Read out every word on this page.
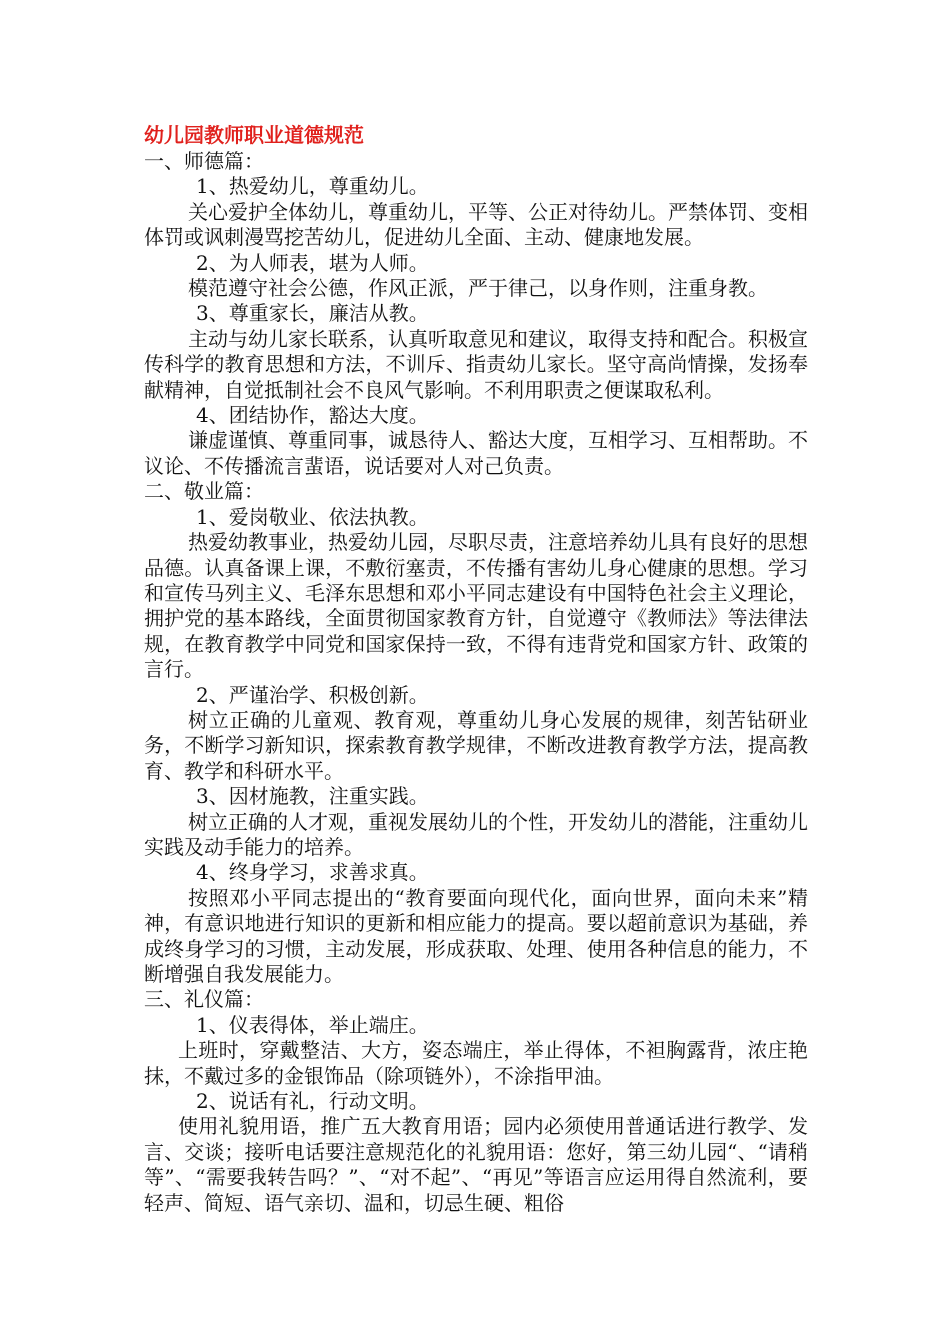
幼儿园教师职业道德规范

一、师德篇：

1、热爱幼儿，尊重幼儿。

关心爱护全体幼儿，尊重幼儿，平等、公正对待幼儿。严禁体罚、变相体罚或讽刺漫骂挖苦幼儿，促进幼儿全面、主动、健康地发展。

2、为人师表，堪为人师。

模范遵守社会公德，作风正派，严于律己，以身作则，注重身教。

3、尊重家长，廉洁从教。

主动与幼儿家长联系，认真听取意见和建议，取得支持和配合。积极宣传科学的教育思想和方法，不训斥、指责幼儿家长。坚守高尚情操，发扬奉献精神，自觉抵制社会不良风气影响。不利用职责之便谋取私利。

4、团结协作，豁达大度。

谦虚谨慎、尊重同事，诚恳待人、豁达大度，互相学习、互相帮助。不议论、不传播流言蜚语，说话要对人对己负责。

二、敬业篇：

1、爱岗敬业、依法执教。

热爱幼教事业，热爱幼儿园，尽职尽责，注意培养幼儿具有良好的思想品德。认真备课上课，不敷衍塞责，不传播有害幼儿身心健康的思想。学习和宣传马列主义、毛泽东思想和邓小平同志建设有中国特色社会主义理论，拥护党的基本路线，全面贯彻国家教育方针，自觉遵守《教师法》等法律法规，在教育教学中同党和国家保持一致，不得有违背党和国家方针、政策的言行。

2、严谨治学、积极创新。

树立正确的儿童观、教育观，尊重幼儿身心发展的规律，刻苦钻研业务，不断学习新知识，探索教育教学规律，不断改进教育教学方法，提高教育、教学和科研水平。

3、因材施教，注重实践。

树立正确的人才观，重视发展幼儿的个性，开发幼儿的潜能，注重幼儿实践及动手能力的培养。

4、终身学习，求善求真。

按照邓小平同志提出的“教育要面向现代化，面向世界，面向未来”精神，有意识地进行知识的更新和相应能力的提高。要以超前意识为基础，养成终身学习的习惯，主动发展，形成获取、处理、使用各种信息的能力，不断增强自我发展能力。

三、礼仪篇：

1、仪表得体，举止端庄。

上班时，穿戴整洁、大方，姿态端庄，举止得体，不袒胸露背，浓庄艳抹，不戴过多的金银饰品（除项链外），不涂指甲油。

2、说话有礼，行动文明。

使用礼貌用语，推广五大教育用语；园内必须使用普通话进行教学、发言、交谈；接听电话要注意规范化的礼貌用语：您好，第三幼儿园“、“请稍等”、“需要我转告吗？”、“对不起”、“再见”等语言应运用得自然流利，要轻声、简短、语气亲切、温和，切忌生硬、粗俗
